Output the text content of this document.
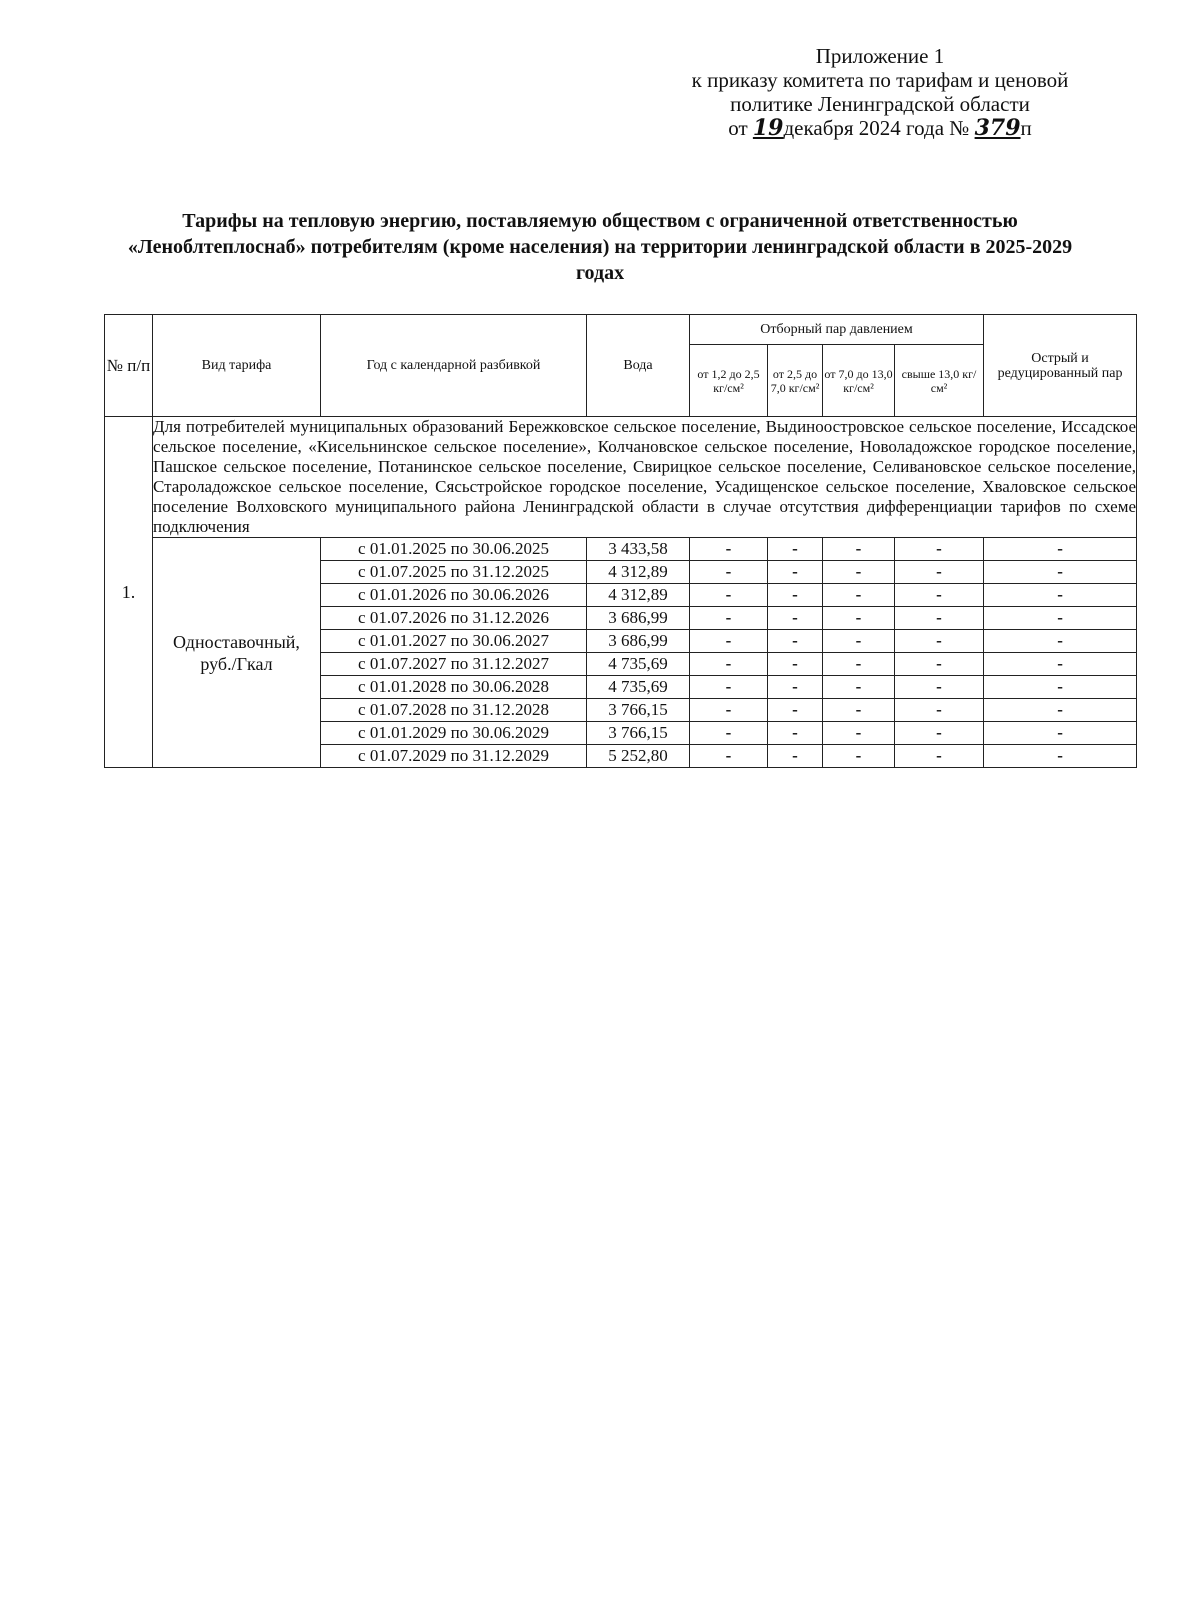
Приложение 1
к приказу комитета по тарифам и ценовой
политике Ленинградской области
от 19декабря 2024 года № 379п
Тарифы на тепловую энергию, поставляемую обществом с ограниченной ответственностью «Леноблтеплоснаб» потребителям (кроме населения) на территории ленинградской области в 2025-2029 годах
№ п/п	Вид тарифа	Год с календарной разбивкой	Вода	Отборный пар давлением				Острый и редуцированный пар
				от 1,2 до 2,5 кг/см²	от 2,5 до 7,0 кг/см²	от 7,0 до 13,0 кг/см²	свыше 13,0 кг/см²	
1.	Для потребителей муниципальных образований Бережковское сельское поселение, Выдиноостровское сельское поселение, Иссадское сельское поселение, «Кисельнинское сельское поселение», Колчановское сельское поселение, Новоладожское городское поселение, Пашское сельское поселение, Потанинское сельское поселение, Свирицкое сельское поселение, Селивановское сельское поселение, Староладожское сельское поселение, Сясьстройское городское поселение, Усадищенское сельское поселение, Хваловское сельское поселение Волховского муниципального района Ленинградской области в случае отсутствия дифференциации тарифов по схеме подключения							
	Одноставочный, руб./Гкал	с 01.01.2025 по 30.06.2025	3 433,58	-	-	-	-	-
		с 01.07.2025 по 31.12.2025	4 312,89	-	-	-	-	-
		с 01.01.2026 по 30.06.2026	4 312,89	-	-	-	-	-
		с 01.07.2026 по 31.12.2026	3 686,99	-	-	-	-	-
		с 01.01.2027 по 30.06.2027	3 686,99	-	-	-	-	-
		с 01.07.2027 по 31.12.2027	4 735,69	-	-	-	-	-
		с 01.01.2028 по 30.06.2028	4 735,69	-	-	-	-	-
		с 01.07.2028 по 31.12.2028	3 766,15	-	-	-	-	-
		с 01.01.2029 по 30.06.2029	3 766,15	-	-	-	-	-
		с 01.07.2029 по 31.12.2029	5 252,80	-	-	-	-	-
